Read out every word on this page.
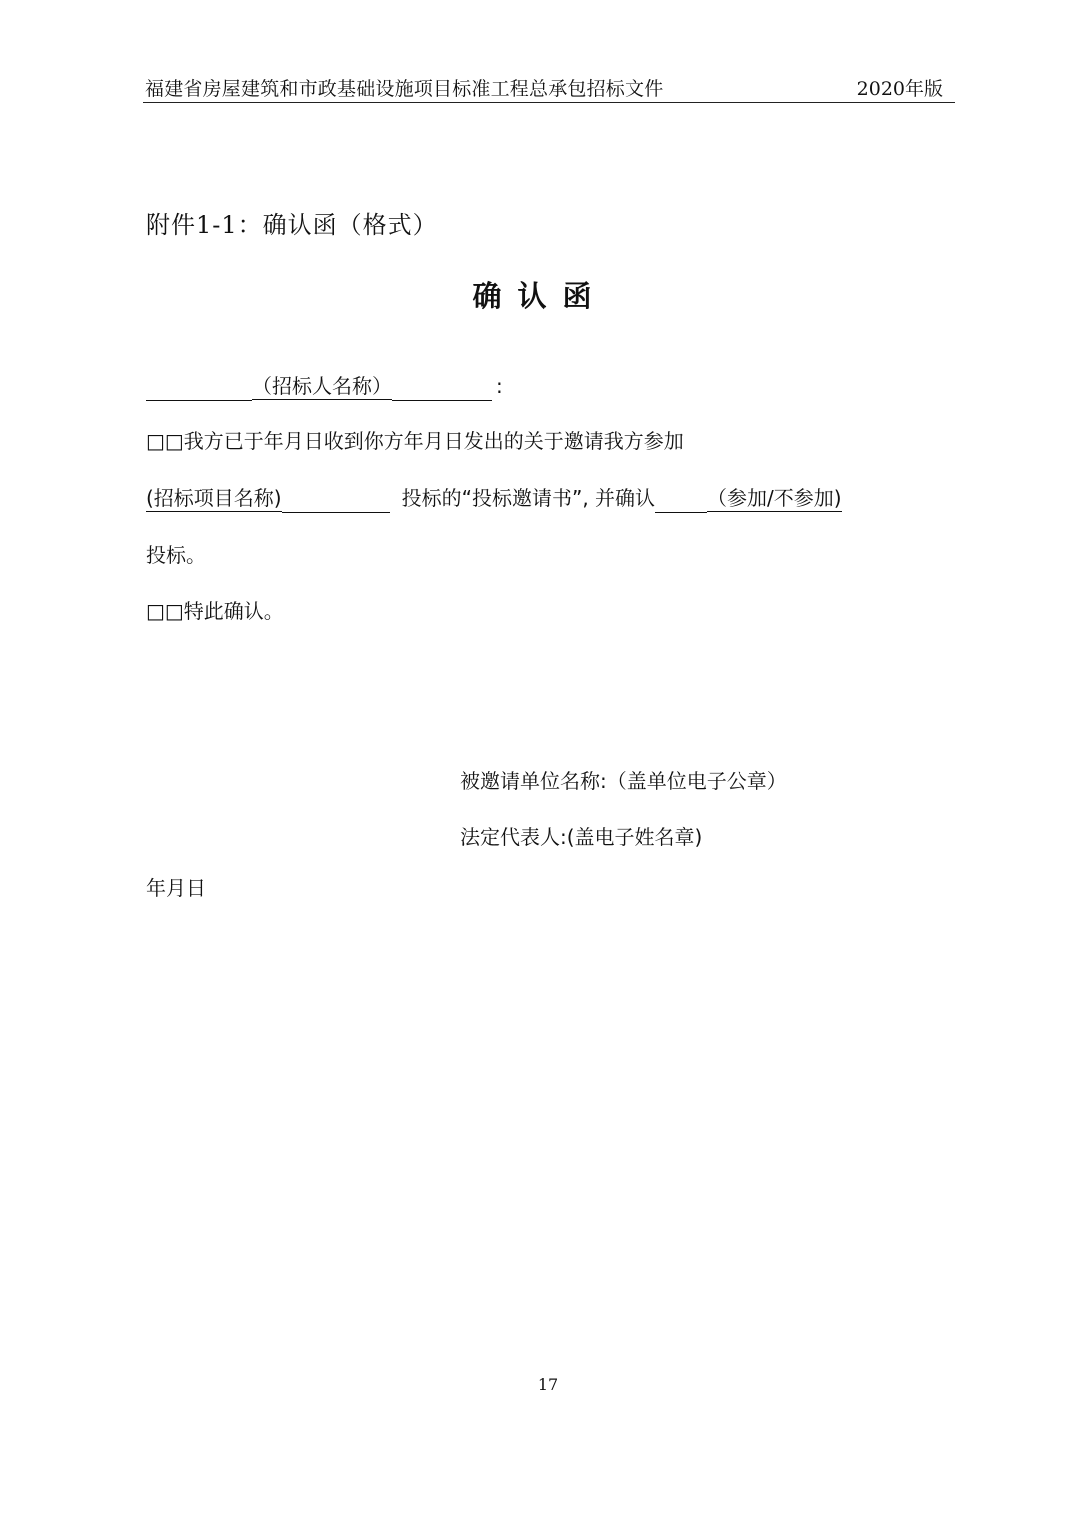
福建省房屋建筑和市政基础设施项目标准工程总承包招标文件	2020年版
附件1-1：确认函（格式）
确认函
（招标人名称）	:
□□我方已于年月日收到你方年月日发出的关于邀请我方参加
(招标项目名称)	投标的“投标邀请书”, 并确认	（参加/不参加)
投标。
□□特此确认。
被邀请单位名称:（盖单位电子公章）
法定代表人:(盖电子姓名章)
年月日
17
